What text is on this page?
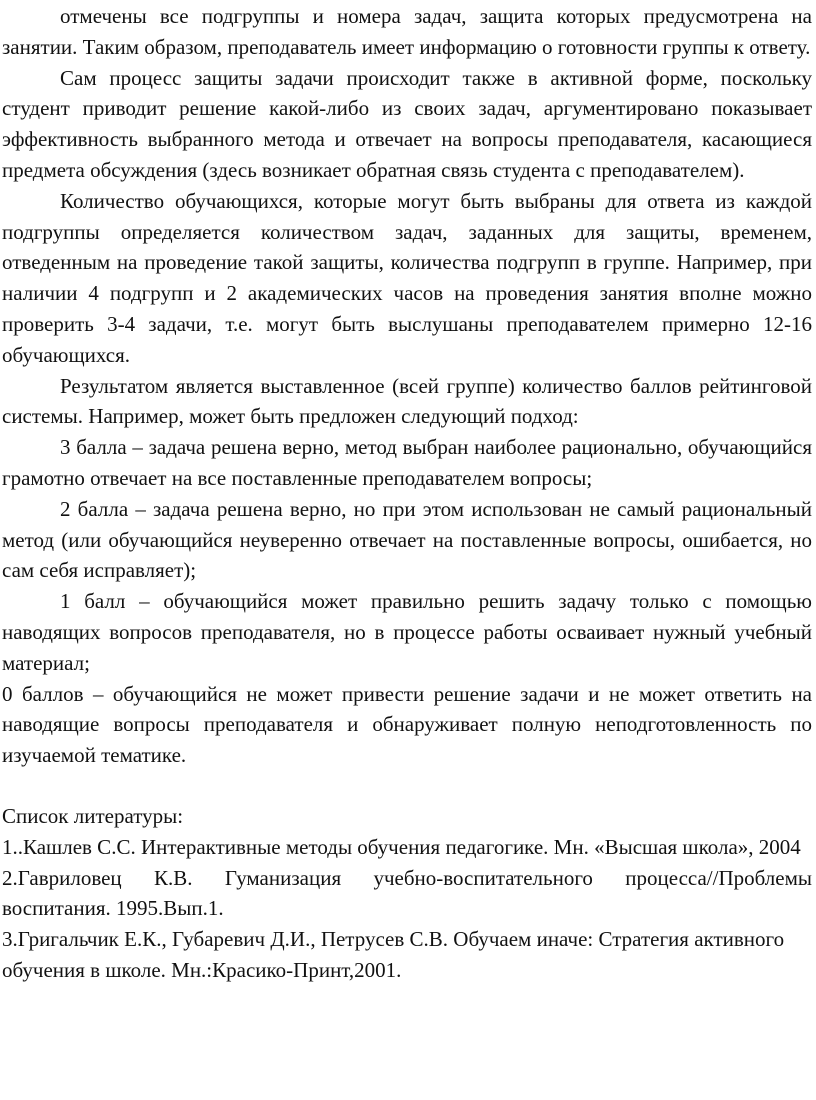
отмечены все подгруппы и номера задач, защита которых предусмотрена на занятии. Таким образом, преподаватель имеет информацию о готовности группы к ответу.

Сам процесс защиты задачи происходит также в активной форме, поскольку студент приводит решение какой-либо из своих задач, аргументировано показывает эффективность выбранного метода и отвечает на вопросы преподавателя, касающиеся предмета обсуждения (здесь возникает обратная связь студента с преподавателем).

Количество обучающихся, которые могут быть выбраны для ответа из каждой подгруппы определяется количеством задач, заданных для защиты, временем, отведенным на проведение такой защиты, количества подгрупп в группе. Например, при наличии 4 подгрупп и 2 академических часов на проведения занятия вполне можно проверить 3-4 задачи, т.е. могут быть выслушаны преподавателем примерно 12-16 обучающихся.

Результатом является выставленное (всей группе) количество баллов рейтинговой системы. Например, может быть предложен следующий подход:

3 балла – задача решена верно, метод выбран наиболее рационально, обучающийся грамотно отвечает на все поставленные преподавателем вопросы;

2 балла – задача решена верно, но при этом использован не самый рациональный метод (или обучающийся неуверенно отвечает на поставленные вопросы, ошибается, но сам себя исправляет);

1 балл – обучающийся может правильно решить задачу только с помощью наводящих вопросов преподавателя, но в процессе работы осваивает нужный учебный материал;

0 баллов – обучающийся не может привести решение задачи и не может ответить на наводящие вопросы преподавателя и обнаруживает полную неподготовленность по изучаемой тематике.

Список литературы:

1..Кашлев С.С. Интерактивные методы обучения педагогике. Мн. «Высшая школа», 2004

2.Гавриловец К.В. Гуманизация учебно-воспитательного процесса//Проблемы воспитания. 1995.Вып.1.

3.Григальчик Е.К., Губаревич Д.И., Петрусев С.В. Обучаем иначе: Стратегия активного обучения в школе. Мн.:Красико-Принт,2001.
